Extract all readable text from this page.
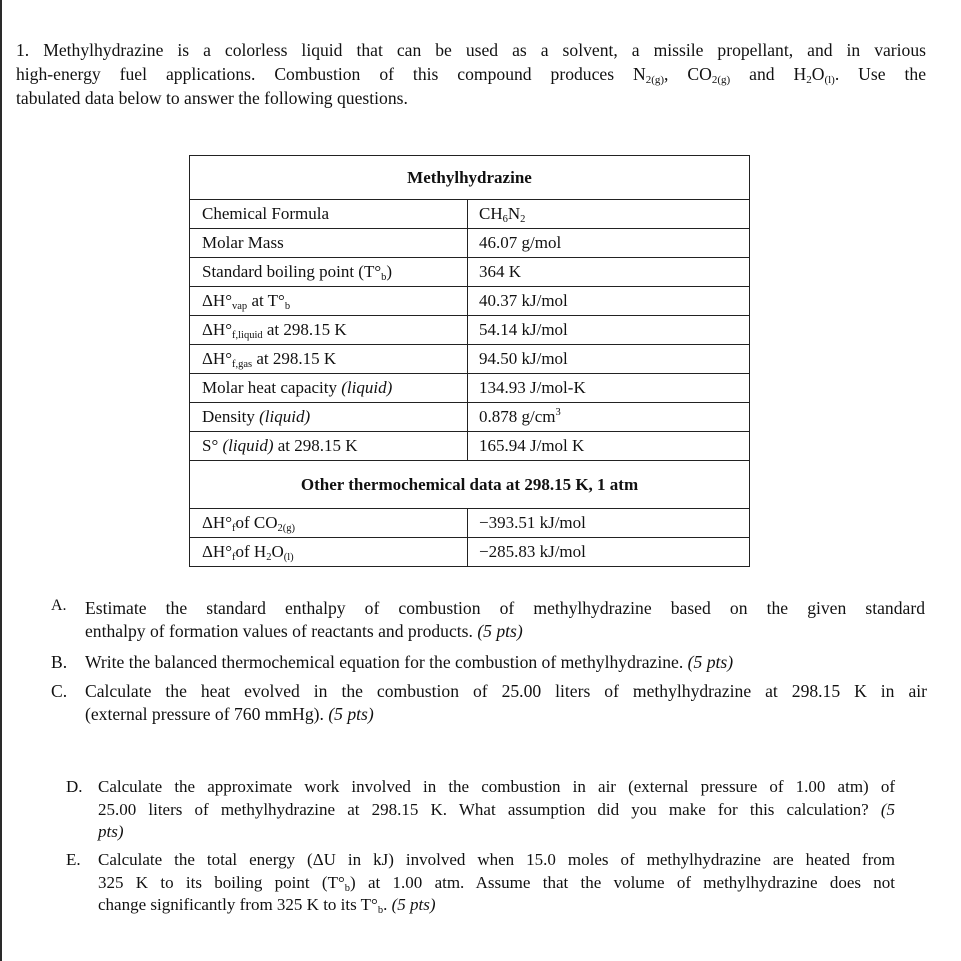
1. Methylhydrazine is a colorless liquid that can be used as a solvent, a missile propellant, and in various
high-energy fuel applications. Combustion of this compound produces $N_{2(g)}$, $CO_{2(g)}$ and $H_2O_{(l)}$. Use the
tabulated data below to answer the following questions.
Methylhydrazine	
Chemical Formula	$CH_6N_2$
Molar Mass	46.07 g/mol
Standard boiling point $(T^\circ_b)$	364 K
$\Delta H^\circ_{vap}$ at $T^\circ_b$	40.37 kJ/mol
$\Delta H^\circ_{f,liquid}$ at 298.15 K	54.14 kJ/mol
$\Delta H^\circ_{f,gas}$ at 298.15 K	94.50 kJ/mol
Molar heat capacity (liquid)	134.93 J/mol-K
Density (liquid)	0.878 $g/cm^3$
S° (liquid) at 298.15 K	165.94 J/mol K
Other thermochemical data at 298.15 K, 1 atm	
$\Delta H^\circ_fof$ $CO_{2(g)}$	−393.51 kJ/mol
$\Delta H^\circ_fof$ $H_2O_{(l)}$	−285.83 kJ/mol
A. Estimate the standard enthalpy of combustion of methylhydrazine based on the given standard
enthalpy of formation values of reactants and products. (5 pts)
B. Write the balanced thermochemical equation for the combustion of methylhydrazine. (5 pts)
C. Calculate the heat evolved in the combustion of 25.00 liters of methylhydrazine at 298.15 K in air
(external pressure of 760 mmHg). (5 pts)
D. Calculate the approximate work involved in the combustion in air (external pressure of 1.00 atm) of
25.00 liters of methylhydrazine at 298.15 K. What assumption did you make for this calculation? (5
pts)
E. Calculate the total energy (ΔU in kJ) involved when 15.0 moles of methylhydrazine are heated from
325 K to its boiling point $(T^\circ_b)$ at 1.00 atm. Assume that the volume of methylhydrazine does not
change significantly from 325 K to its $T^\circ_b$. (5 pts)
